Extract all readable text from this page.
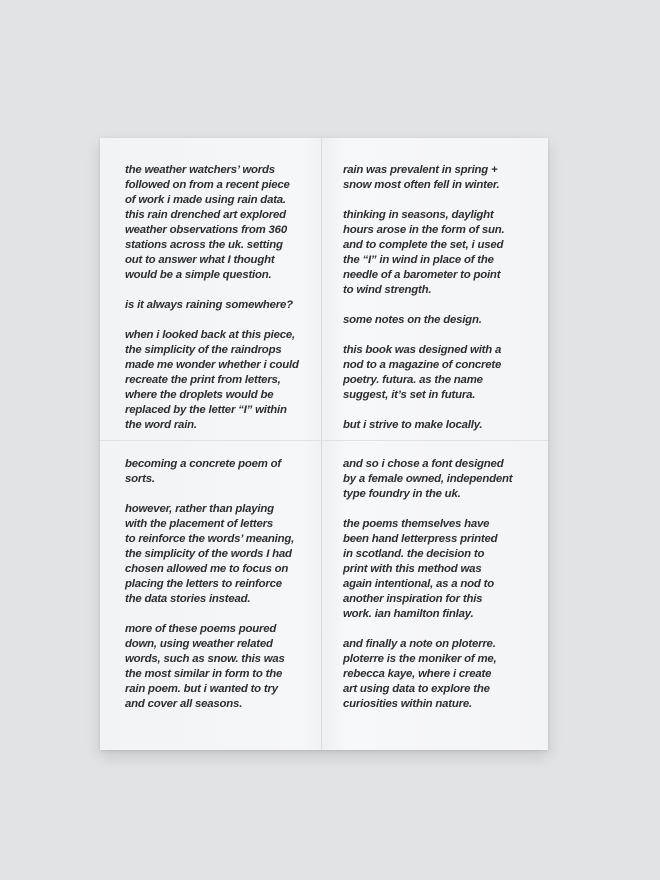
the weather watchers’ words
followed on from a recent piece
of work i made using rain data.
this rain drenched art explored
weather observations from 360
stations across the uk. setting
out to answer what I thought
would be a simple question.

is it always raining somewhere?

when i looked back at this piece,
the simplicity of the raindrops
made me wonder whether i could
recreate the print from letters,
where the droplets would be
replaced by the letter “I” within
the word rain.

rain was prevalent in spring +
snow most often fell in winter.

thinking in seasons, daylight
hours arose in the form of sun.
and to complete the set, i used
the “I” in wind in place of the
needle of a barometer to point
to wind strength.

some notes on the design.

this book was designed with a
nod to a magazine of concrete
poetry. futura. as the name
suggest, it’s set in futura.

but i strive to make locally.

becoming a concrete poem of
sorts.

however, rather than playing
with the placement of letters
to reinforce the words’ meaning,
the simplicity of the words I had
chosen allowed me to focus on
placing the letters to reinforce
the data stories instead.

more of these poems poured
down, using weather related
words, such as snow. this was
the most similar in form to the
rain poem. but i wanted to try
and cover all seasons.

and so i chose a font designed
by a female owned, independent
type foundry in the uk.

the poems themselves have
been hand letterpress printed
in scotland. the decision to
print with this method was
again intentional, as a nod to
another inspiration for this
work. ian hamilton finlay.

and finally a note on ploterre.
ploterre is the moniker of me,
rebecca kaye, where i create
art using data to explore the
curiosities within nature.
